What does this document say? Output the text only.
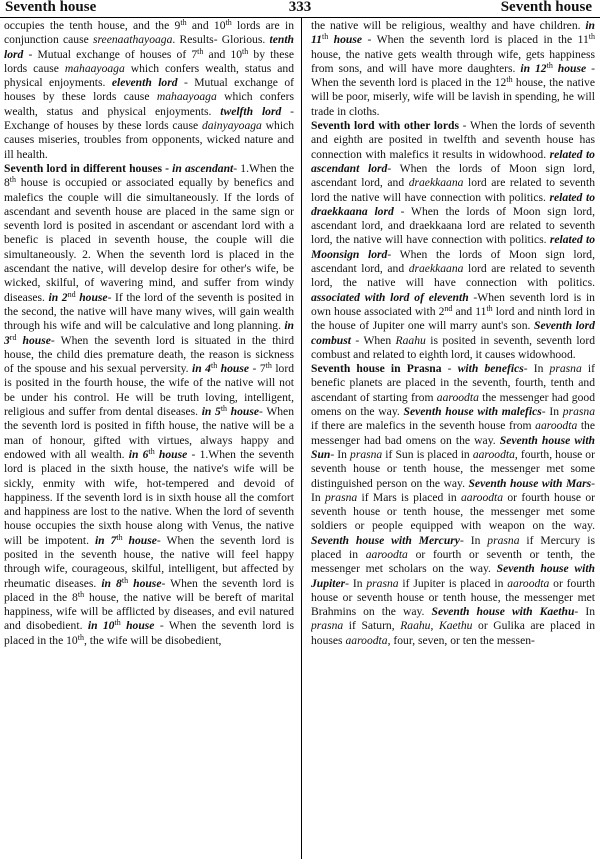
333
Seventh house	Seventh house

occupies the tenth house, and the 9th and 10th lords are in conjunction cause sreenaathayoaga. Results- Glorious. tenth lord - Mutual exchange of houses of 7th and 10th by these lords cause mahaayoaga which confers wealth, status and physical enjoyments. eleventh lord - Mutual exchange of houses by these lords cause mahaayoaga which confers wealth, status and physical enjoyments. twelfth lord - Exchange of houses by these lords cause dainyayoaga which causes miseries, troubles from opponents, wicked nature and ill health.

Seventh lord in different houses - in ascendant- 1.When the 8th house is occupied or associated equally by benefics and malefics the couple will die simultaneously. If the lords of ascendant and seventh house are placed in the same sign or seventh lord is posited in ascendant or ascendant lord with a benefic is placed in seventh house, the couple will die simultaneously. 2. When the seventh lord is placed in the ascendant the native, will develop desire for other's wife, be wicked, skilful, of wavering mind, and suffer from windy diseases. in 2nd house- If the lord of the seventh is posited in the second, the native will have many wives, will gain wealth through his wife and will be calculative and long planning. in 3rd house- When the seventh lord is situated in the third house, the child dies premature death, the reason is sickness of the spouse and his sexual perversity. in 4th house - 7th lord is posited in the fourth house, the wife of the native will not be under his control. He will be truth loving, intelligent, religious and suffer from dental diseases. in 5th house- When the seventh lord is posited in fifth house, the native will be a man of honour, gifted with virtues, always happy and endowed with all wealth. in 6th house - 1.When the seventh lord is placed in the sixth house, the native's wife will be sickly, enmity with wife, hot-tempered and devoid of happiness. If the seventh lord is in sixth house all the comfort and happiness are lost to the native. When the lord of seventh house occupies the sixth house along with Venus, the native will be impotent. in 7th house- When the seventh lord is posited in the seventh house, the native will feel happy through wife, courageous, skilful, intelligent, but affected by rheumatic diseases. in 8th house- When the seventh lord is placed in the 8th house, the native will be bereft of marital happiness, wife will be afflicted by diseases, and evil natured and disobedient. in 10th house - When the seventh lord is placed in the 10th, the wife will be disobedient,

the native will be religious, wealthy and have children. in 11th house - When the seventh lord is placed in the 11th house, the native gets wealth through wife, gets happiness from sons, and will have more daughters. in 12th house - When the seventh lord is placed in the 12th house, the native will be poor, miserly, wife will be lavish in spending, he will trade in cloths.

Seventh lord with other lords - When the lords of seventh and eighth are posited in twelfth and seventh house has connection with malefics it results in widowhood. related to ascendant lord- When the lords of Moon sign lord, ascendant lord, and draekkaana lord are related to seventh lord the native will have connection with politics. related to draekkaana lord - When the lords of Moon sign lord, ascendant lord, and draekkaana lord are related to seventh lord, the native will have connection with politics. related to Moonsign lord- When the lords of Moon sign lord, ascendant lord, and draekkaana lord are related to seventh lord, the native will have connection with politics. associated with lord of eleventh -When seventh lord is in own house associated with 2nd and 11th lord and ninth lord in the house of Jupiter one will marry aunt's son. Seventh lord combust - When Raahu is posited in seventh, seventh lord combust and related to eighth lord, it causes widowhood.

Seventh house in Prasna - with benefics- In prasna if benefic planets are placed in the seventh, fourth, tenth and ascendant of starting from aaroodta the messenger had good omens on the way. Seventh house with malefics- In prasna if there are malefics in the seventh house from aaroodta the messenger had bad omens on the way. Seventh house with Sun- In prasna if Sun is placed in aaroodta, fourth, house or seventh house or tenth house, the messenger met some distinguished person on the way. Seventh house with Mars- In prasna if Mars is placed in aaroodta or fourth house or seventh house or tenth house, the messenger met some soldiers or people equipped with weapon on the way. Seventh house with Mercury- In prasna if Mercury is placed in aaroodta or fourth or seventh or tenth, the messenger met scholars on the way. Seventh house with Jupiter- In prasna if Jupiter is placed in aaroodta or fourth house or seventh house or tenth house, the messenger met Brahmins on the way. Seventh house with Kaethu- In prasna if Saturn, Raahu, Kaethu or Gulika are placed in houses aaroodta, four, seven, or ten the messen-
